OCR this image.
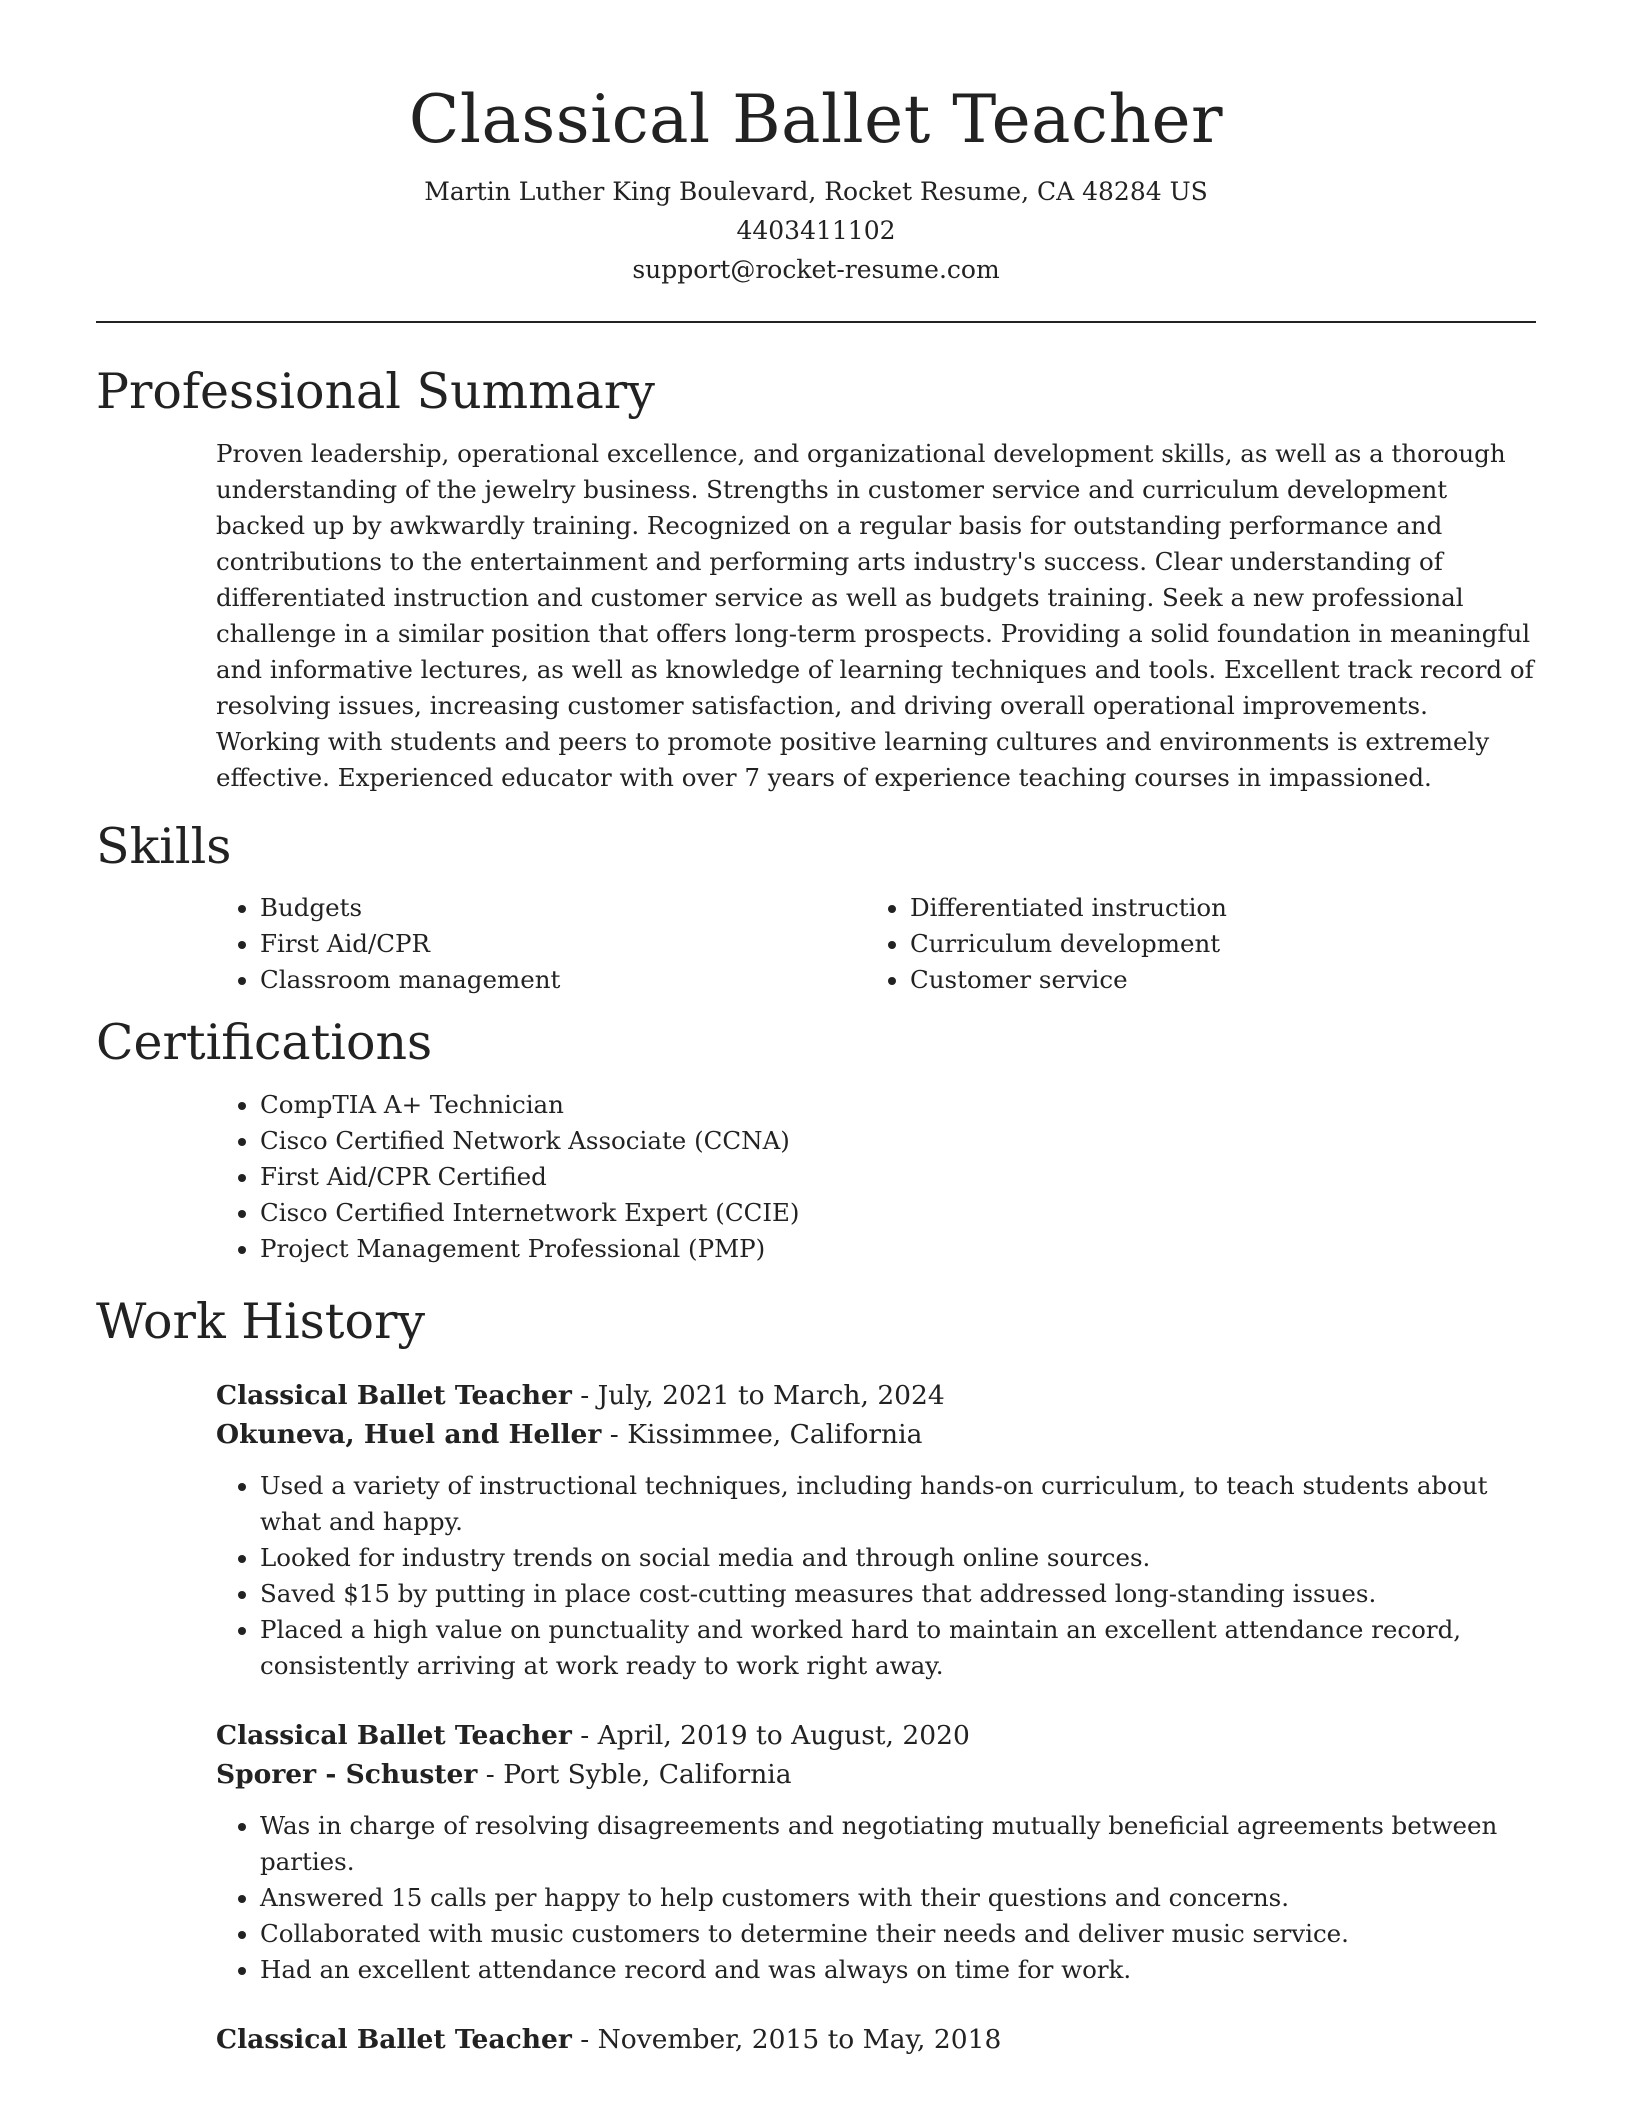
Classical Ballet Teacher
Martin Luther King Boulevard, Rocket Resume, CA 48284 US
4403411102
support@rocket-resume.com
Professional Summary

Proven leadership, operational excellence, and organizational development skills, as well as a thorough understanding of the jewelry business. Strengths in customer service and curriculum development backed up by awkwardly training. Recognized on a regular basis for outstanding performance and contributions to the entertainment and performing arts industry's success. Clear understanding of differentiated instruction and customer service as well as budgets training. Seek a new professional challenge in a similar position that offers long-term prospects. Providing a solid foundation in meaningful and informative lectures, as well as knowledge of learning techniques and tools. Excellent track record of resolving issues, increasing customer satisfaction, and driving overall operational improvements. Working with students and peers to promote positive learning cultures and environments is extremely effective. Experienced educator with over 7 years of experience teaching courses in impassioned.

Skills
• Budgets
• First Aid/CPR
• Classroom management
• Differentiated instruction
• Curriculum development
• Customer service
Certifications
• CompTIA A+ Technician
• Cisco Certified Network Associate (CCNA)
• First Aid/CPR Certified
• Cisco Certified Internetwork Expert (CCIE)
• Project Management Professional (PMP)
Work History
Classical Ballet Teacher - July, 2021 to March, 2024
Okuneva, Huel and Heller - Kissimmee, California
• Used a variety of instructional techniques, including hands-on curriculum, to teach students about what and happy.
• Looked for industry trends on social media and through online sources.
• Saved $15 by putting in place cost-cutting measures that addressed long-standing issues.
• Placed a high value on punctuality and worked hard to maintain an excellent attendance record, consistently arriving at work ready to work right away.
Classical Ballet Teacher - April, 2019 to August, 2020
Sporer - Schuster - Port Syble, California
• Was in charge of resolving disagreements and negotiating mutually beneficial agreements between parties.
• Answered 15 calls per happy to help customers with their questions and concerns.
• Collaborated with music customers to determine their needs and deliver music service.
• Had an excellent attendance record and was always on time for work.
Classical Ballet Teacher - November, 2015 to May, 2018
